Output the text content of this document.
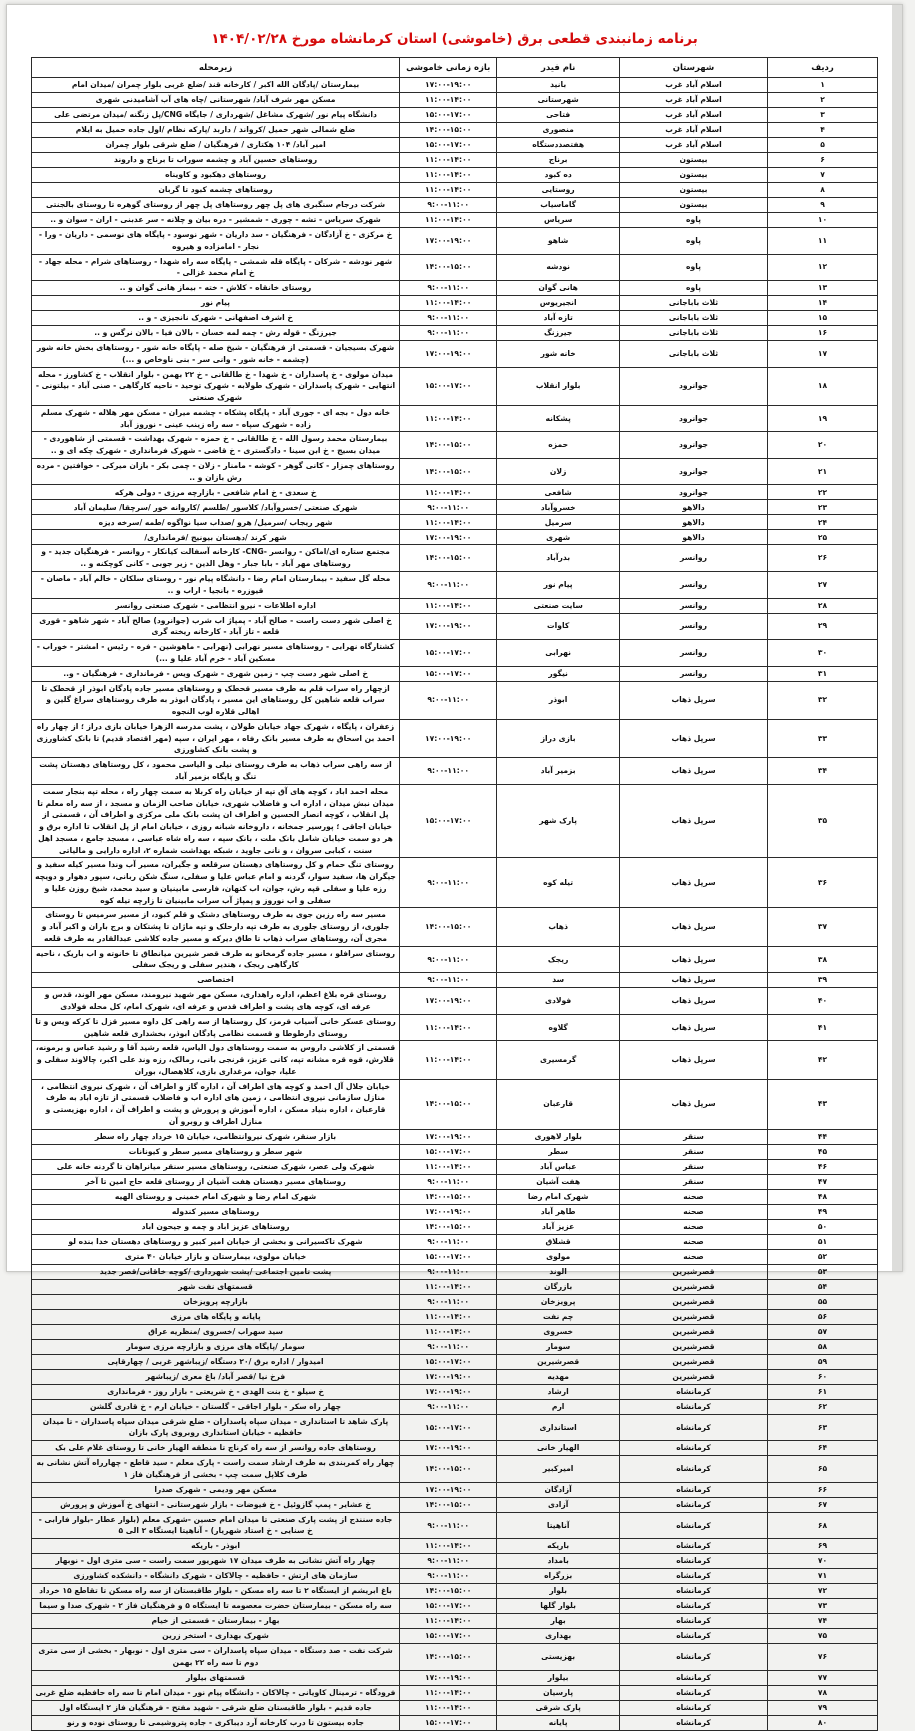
برنامه زمانبندی قطعی برق (خاموشی) استان کرمانشاه مورخ ۱۴۰۴/۰۲/۲۸
ردیف	شهرستان	نام فیدر	بازه زمانی خاموشی	زیرمحله
۱	اسلام آباد غرب	بانید	۱۷:۰۰-۱۹:۰۰	بیمارستان /پادگان الله اکبر / کارخانه قند /ضلع غربی بلوار چمران /میدان امام
۲	اسلام آباد غرب	شهرستانی	۱۱:۰۰-۱۴:۰۰	مسکن مهر شرف آباد/ شهرستانی /چاه های آب آشامیدنی شهری
۳	اسلام آباد غرب	فتاحی	۱۵:۰۰-۱۷:۰۰	دانشگاه پیام نور /شهرک مشاغل /شهرداری / جایگاه CNG/پل زنگنه /میدان مرتضی علی
۴	اسلام آباد غرب	منصوری	۱۴:۰۰-۱۵:۰۰	ضلع شمالی شهر حمیل /کرواند / داربد /پارکه نظام /اول جاده حمیل به ایلام
۵	اسلام آباد غرب	هفتصددستگاه	۱۵:۰۰-۱۷:۰۰	امیر آباد/ ۱۰۴ هکتاری / فرهنگیان / ضلع شرقی بلوار چمران
۶	بیستون	برناج	۱۱:۰۰-۱۴:۰۰	روستاهای حسین آباد و چشمه سوراب تا برناج و داروند
۷	بیستون	ده کبود	۱۱:۰۰-۱۴:۰۰	روستاهای دهکبود و کاویناه
۸	بیستون	روستایی	۱۱:۰۰-۱۴:۰۰	روستاهای چشمه کبود تا گربان
۹	بیستون	گاماسیاب	۹:۰۰-۱۱:۰۰	شرکت درجام سنگبری های پل چهر روستاهای پل چهر از روستای گوهره تا روستای بالجنتی
۱۰	پاوه	سریاس	۱۱:۰۰-۱۴:۰۰	شهرک سریاس - تشه - چوری - شمشیر - دره بیان و چلانه - سر عدبنی - اران - سوان و ..
۱۱	پاوه	شاهو	۱۷:۰۰-۱۹:۰۰	خ مرکزی - خ آزادگان - فرهنگیان - سد داریان - شهر نوسود - پایگاه های نوسمی - داریان - ورا - نجار - امامزاده و هیروه
۱۲	پاوه	نودشه	۱۴:۰۰-۱۵:۰۰	شهر نودشه - شرکان - پایگاه قله شمشی - پایگاه سه راه شهدا - روستاهای شرام - محله جهاد - خ امام محمد غزالی -
۱۳	پاوه	هانی گوان	۹:۰۰-۱۱:۰۰	روستای خانقاه - کلاش - خته - بیماز هانی گوان و ..
۱۴	ثلاث باباجانی	انجیریوس	۱۱:۰۰-۱۴:۰۰	پیام نور
۱۵	ثلاث باباجانی	تازه آباد	۹:۰۰-۱۱:۰۰	خ اشرف اصفهانی - شهرک نانجیزی - و ..
۱۶	ثلاث باباجانی	جیرزنگ	۹:۰۰-۱۱:۰۰	جیرزنگ - قوله رش - چمه لمه خسان - بالان فیا - بالان نرگس و ..
۱۷	ثلاث باباجانی	خانه شور	۱۷:۰۰-۱۹:۰۰	شهرک بسیجیان - قسمتی از فرهنگیان - شیخ صله - پایگاه خانه شور - روستاهای بخش خانه شور (چشمه - خانه شور - وانی سر - بنی ناوخاص و ...)
۱۸	جوانرود	بلوار انقلاب	۱۵:۰۰-۱۷:۰۰	میدان مولوی - خ پاسداران - خ شهدا - خ طالقانی - خ ۲۲ بهمن - بلوار انقلاب - خ کشاورز - محله انتهایی - شهرک پاسداران - شهرک طولابه - شهرک توحید - ناحیه کارگاهی - صنی آباد - بیلتونی - شهرک صنعتی
۱۹	جوانرود	پشکانه	۱۱:۰۰-۱۴:۰۰	خانه دول - بجه ای - جوری آباد - پایگاه پشکاه - چشمه میران - مسکن مهر هلاله - شهرک مسلم زاده - شهرک سپاه - سه راه زینب عینی - نوروز آباد
۲۰	جوانرود	حمزه	۱۴:۰۰-۱۵:۰۰	بیمارستان محمد رسول الله - خ طالقانی - خ حمزه - شهرک بهداشت - قسمتی از شاهوردی - میدان بسیج - خ ابن سینا - دادگستری - خ قاضی - شهرک فرمانداری - شهرک چکه ای و ..
۲۱	جوانرود	زلان	۱۴:۰۰-۱۵:۰۰	روستاهای چمزار - کانی گوهر - کوشه - مامنار - زلان - چمی بکر - بازان میرکی - خوافتین - مرده رش بازان و ..
۲۲	جوانرود	شافعی	۱۱:۰۰-۱۴:۰۰	خ سعدی - خ امام شافعی - بازارچه مرزی - دولی هرکه
۲۳	دالاهو	خسروآباد	۹:۰۰-۱۱:۰۰	شهرک صنعتی /خسروآباد/ کلاسور /طلسم /کاروانه خور /سرچقا/ سلیمان آباد
۲۴	دالاهو	سرمیل	۱۱:۰۰-۱۴:۰۰	شهر ریجاب /سرمیل/ هرو /صداب سیا نواگوه /طمه /سرخه دیزه
۲۵	دالاهو	شهری	۱۷:۰۰-۱۹:۰۰	شهر کرند /دهستان بیونیج /فرمانداری/
۲۶	روانسر	بدرآباد	۱۴:۰۰-۱۵:۰۰	مجتمع ستاره ای/اماکن - روانسر -CNG- کارخانه آسفالت کیانکار - روانسر - فرهنگیان جدید - و روستاهای مهر آباد - بابا جبار - وهل الدین - زیر جوبی - کانی کوچکنه و ..
۲۷	روانسر	پیام نور	۹:۰۰-۱۱:۰۰	محله گل سفید - بیمارستان امام رضا - دانشگاه پیام نور - روستای سلکان - خالم آباد - ماصان - قیوزره - بانجیا - اراب و ..
۲۸	روانسر	سایت صنعتی	۱۱:۰۰-۱۴:۰۰	اداره اطلاعات - نیرو انتظامی - شهرک صنعتی روانسر
۲۹	روانسر	کاوات	۱۷:۰۰-۱۹:۰۰	خ اصلی شهر دست راست - صالح آباد - پمپاژ اب شرب (جوانرود) صالح آباد - شهر شاهو - قوری قلعه - تاز آباد - کارخانه ریخته گری
۳۰	روانسر	نهرابی	۱۵:۰۰-۱۷:۰۰	کشتارگاه نهرابی - روستاهای مسیر نهرابی (نهرابی - ماهوشین - فره - رئیس - امشتر - خوراب - مسکین آباد - خرم آباد علیا و ...)
۳۱	روانسر	نیگور	۱۵:۰۰-۱۷:۰۰	خ اصلی شهر دست چپ - زمین شهری - شهرک ویس - فرمانداری - فرهنگیان - و..
۳۲	سرپل ذهاب	ابوذر	۹:۰۰-۱۱:۰۰	ازچهار راه سراب قلم به طرف مسیر قحطک و روستاهای مسیر جاده پادگان ابوذر از قحطک تا سراب قلعه شاهین کل روستاهای این مسیر ، پادگان ابوذر به طرف روستاهای سراغ گلین و اهالی قلاره لوب النجوه
۳۳	سرپل ذهاب	بازی دراز	۱۷:۰۰-۱۹:۰۰	زعفران ، پایگاه ، شهرک جهاد خیابان طولان ، پشت مدرسه الزهرا خیابان بازی دراز ؛ از چهار راه احمد بن اسحاق به طرف مسیر بانک رفاه ، مهر ایران ، سپه (مهر اقتصاد قدیم) تا بانک کشاورزی و پشت بانک کشاورزی
۳۴	سرپل ذهاب	بزمیر آباد	۹:۰۰-۱۱:۰۰	از سه راهی سراب ذهاب به طرف روستای نیلی و الیاسی محمود ، کل روستاهای دهستان پشت تنگ و پایگاه بزمیر آباد
۳۵	سرپل ذهاب	پارک شهر	۱۵:۰۰-۱۷:۰۰	محله احمد اباد ، کوچه های آق تپه از خیابان راه کربلا به سمت چهار راه ، محله تپه بنجار سمت میدان نبش میدان ، اداره اب و فاضلاب شهری، خیابان صاحب الزمان و مسجد ، از سه راه معلم تا پل انقلاب ، کوچه انصار الحسین و اطراف ان پشت بانک ملی مرکزی و اطراف آن ، قسمتی از خیابان اجاقی ؛ پورسیر جمخانه ، داروخانه شبانه روزی ، خیابان امام از پل انقلاب تا اداره برق و هر دو سمت خیابان شامل بانک ملت ، بانک سپه ، سه راه شاه عباسی ، مسجد جامع ، مسجد اهل سنت ، کبابی سروان ، و نانی جاوید ، شبکه بهداشت شماره ۲، اداره دارایی و مالیاتی
۳۶	سرپل ذهاب	تیله کوه	۹:۰۰-۱۱:۰۰	روستای تنگ حمام و کل روستاهای دهستان سرقلعه و جگیران، مسیر آب وندا مسیر کیله سفید و جیگران ها، سفید سوار، گردنه و امام عباس علیا و سفلی، سنگ شکن ربانی، سپور دهوار و دویچه رزه علیا و سفلی قپه رش، جوان، اب کنهان، فارسی مابینیان و سید محمد، شیخ روزن علیا و سفلی و اب نوروز و پمپاژ آب سراب مابینیان تا زارچه تیله کوه
۳۷	سرپل ذهاب	ذهاب	۱۴:۰۰-۱۵:۰۰	مسیر سه راه رزین جوی به طرف روستاهای دشتک و قلم کبود، از مسیر سرمیس تا روستای جلوری، از روستای جلوری به طرف تپه دارحلک و تپه ماژان تا پشتکان و برج باران و اکبر آباد و مجری آن، روستاهای سراب ذهاب تا طاق دیرکه و مسیر جاده کلاشی عبدالقادر به طرف قلعه
۳۸	سرپل ذهاب	ریجک	۹:۰۰-۱۱:۰۰	روستای سرافلو ، مسیر جاده گرمخانو به طرف قصر شیرین میانطاق تا خانوته و اب باریک ، ناحیه کارگاهی ریجک ، هندیر سفلی و ریجک سفلی
۳۹	سرپل ذهاب	سد	۹:۰۰-۱۱:۰۰	اختصاصی
۴۰	سرپل ذهاب	فولادی	۱۷:۰۰-۱۹:۰۰	روستای قره بلاغ اعظم، اداره راهداری، مسکن مهر شهید نیرومند، مسکن مهر الوند، قدس و عرفه ای، کوچه های پشت و اطراف قدس و عرفه ای، شهرک امام، کل محله فولادی
۴۱	سرپل ذهاب	گلاوه	۱۱:۰۰-۱۴:۰۰	روستای عسکر خانی آسیاب قرمز، کل روستاها از سه راهی کل داوه مسیر قزل تا کرکه ویس و تا روستای دارطوطا و قسمت نظامی پادگان ابوذر، بخشداری قلعه شاهین
۴۲	سرپل ذهاب	گرمسیری	۱۱:۰۰-۱۴:۰۰	قسمتی از کلاشی داروس به سمت روستاهای دول الیاس، قلعه رشید آقا و رشید عباس و برمونه، قلارش، قوه قره مشانه تپه، کانی عزیز، قرنجی بانی، رمالک، رزه وند علی اکبر، چالاوند سفلی و علیا، جوان، مرغداری بازی، کلاهصال، بوران
۴۳	سرپل ذهاب	قارعبان	۱۴:۰۰-۱۵:۰۰	خیابان جلال آل احمد و کوچه های اطراف آن ، اداره گاز و اطراف آن ، شهرک نیروی انتظامی ، منازل سازمانی نیروی انتظامی ، زمین های اداره اب و فاضلاب قسمتی از تازه اباد به طرف قارعبان ، اداره بنیاد مسکن ، اداره آموزش و پرورش و پشت و اطراف آن ، اداره بهزیستی و منازل اطراف و روبرو آن
۴۴	سنقر	بلوار لاهوری	۱۷:۰۰-۱۹:۰۰	بازار سنقر، شهرک نیروانتظامی، خیابان ۱۵ خرداد چهار راه سطر
۴۵	سنقر	سطر	۱۵:۰۰-۱۷:۰۰	شهر سطر و روستاهای مسیر سطر و کیونانات
۴۶	سنقر	عباس آباد	۱۱:۰۰-۱۴:۰۰	شهرک ولی عصر، شهرک صنعتی، روستاهای مسیر سنقر میانراهان تا گردنه خانه علی
۴۷	سنقر	هفت آشیان	۹:۰۰-۱۱:۰۰	روستاهای مسیر دهستان هفت آشیان از روستای قلعه حاج امین تا آخر
۴۸	صحنه	شهرک امام رضا	۱۴:۰۰-۱۵:۰۰	شهرک امام رضا و شهرک امام خمینی و روستای الهیه
۴۹	صحنه	طاهر آباد	۱۷:۰۰-۱۹:۰۰	روستاهای مسیر کندوله
۵۰	صحنه	عزیز آباد	۱۴:۰۰-۱۵:۰۰	روستاهای عزیز اباد و چمه و جیحون اباد
۵۱	صحنه	قشلاق	۹:۰۰-۱۱:۰۰	شهرک تاکسیرانی و بخشی از خیابان امیر کبیر و روستاهای دهستان خدا بنده لو
۵۲	صحنه	مولوی	۱۵:۰۰-۱۷:۰۰	خیابان مولوی، بیمارستان و بازار خیابان ۴۰ متری
۵۳	قصرشیرین	الوند	۹:۰۰-۱۱:۰۰	پشت تامین اجتماعی /پشت شهرداری /کوچه خاقانی/قصر جدید
۵۴	قصرشیرین	بازرگان	۱۱:۰۰-۱۴:۰۰	قسمتهای نفت شهر
۵۵	قصرشیرین	پرویزخان	۹:۰۰-۱۱:۰۰	بازارچه پرویزخان
۵۶	قصرشیرین	چم نفت	۱۱:۰۰-۱۴:۰۰	پایانه و پایگاه های مرزی
۵۷	قصرشیرین	خسروی	۱۱:۰۰-۱۴:۰۰	سید سهراب /خسروی /منظریه عراق
۵۸	قصرشیرین	سومار	۹:۰۰-۱۱:۰۰	سومار /پایگاه های مرزی و بازارچه مرزی سومار
۵۹	قصرشیرین	قصرشیرین	۱۵:۰۰-۱۷:۰۰	امیدوار / اداره برق /۲۰ دستگاه /زیباشهر غربی / چهارقاپی
۶۰	قصرشیرین	مهدیه	۱۷:۰۰-۱۹:۰۰	فرخ نیا /قصر آباد/ باغ معری /زیباشهر
۶۱	کرمانشاه	ارشاد	۱۷:۰۰-۱۹:۰۰	خ سیلو - خ بنت الهدی - خ شریعتی - بازار روز - فرمانداری
۶۲	کرمانشاه	ارم	۹:۰۰-۱۱:۰۰	چهار راه سکر - بلوار اجاقی - گلستان - خیابان ارم - خ قادری گلشن
۶۳	کرمانشاه	استانداری	۱۵:۰۰-۱۷:۰۰	پارک شاهد تا استانداری - میدان سپاه پاسداران - ضلع شرقی میدان سپاه پاسداران - تا میدان حافظیه - خیابان استانداری روبروی پارک بازان
۶۴	کرمانشاه	الهیار خانی	۱۷:۰۰-۱۹:۰۰	روستاهای جاده روانسر از سه راه کرناچ تا منطقه الهیار خانی تا روستای غلام علی بک
۶۵	کرمانشاه	امیرکبیر	۱۴:۰۰-۱۵:۰۰	چهار راه کمربندی به طرف ارشاد سمت راست - پارک معلم - سید قاطع - چهارراه آتش نشانی به طرف کلاپل سمت چپ - بخشی از فرهنگیان فاز ۱
۶۶	کرمانشاه	آزادگان	۱۷:۰۰-۱۹:۰۰	مسکن مهر ودیمی - شهرک صدرا
۶۷	کرمانشاه	آزادی	۱۴:۰۰-۱۵:۰۰	خ عشایر - پمپ گازوئیل - خ فیوضات - بازار شهرستانی - انتهای خ آموزش و پرورش
۶۸	کرمانشاه	آناهیتا	۹:۰۰-۱۱:۰۰	جاده سنندج از پشت پارک صنعتی تا میدان امام حسین -شهرک معلم (بلوار عطار -بلوار فارابی - خ سنایی - خ استاد شهریار) - آناهیتا ایستگاه ۲ الی ۵
۶۹	کرمانشاه	باریکه	۱۱:۰۰-۱۴:۰۰	ابوذر - باریکه
۷۰	کرمانشاه	بامداد	۹:۰۰-۱۱:۰۰	چهار راه آتش نشانی به طرف میدان ۱۷ شهریور سمت راست - سی متری اول - نوبهار
۷۱	کرمانشاه	بزرگراه	۹:۰۰-۱۱:۰۰	سازمان های ارتش - حافظیه - چالاکان - شهرک دانشگاه - دانشکده کشاورزی
۷۲	کرمانشاه	بلوار	۱۴:۰۰-۱۵:۰۰	باغ ابریشم از ایستگاه ۲ تا سه راه مسکن - بلوار طاقبستان از سه راه مسکن تا تقاطع ۱۵ خرداد
۷۳	کرمانشاه	بلوار گلها	۱۵:۰۰-۱۷:۰۰	سه راه مسکن - بیمارستان حضرت معصومه تا ایستگاه ۵ و فرهنگیان فاز ۲ - شهرک صدا و سیما
۷۴	کرمانشاه	بهار	۱۱:۰۰-۱۴:۰۰	بهار - بیمارستان - قسمتی از خیام
۷۵	کرمانشاه	بهداری	۱۵:۰۰-۱۷:۰۰	شهرک بهداری - استخر زرین
۷۶	کرمانشاه	بهزیستی	۱۴:۰۰-۱۵:۰۰	شرکت نفت - صد دستگاه - میدان سپاه پاسداران - سی متری اول - نوبهار - بخشی از سی متری دوم تا سه راه ۲۲ بهمن
۷۷	کرمانشاه	بیلوار	۱۷:۰۰-۱۹:۰۰	قسمتهای بیلوار
۷۸	کرمانشاه	پارسیان	۱۱:۰۰-۱۴:۰۰	فرودگاه - ترمینال کاویانی - چالاکان - دانشگاه پیام نور - میدان امام تا سه راه حافظیه ضلع غربی
۷۹	کرمانشاه	پارک شرقی	۱۱:۰۰-۱۴:۰۰	جاده قدیم - بلوار طاقبستان ضلع شرقی - شهید مفتح - فرهنگیان فاز ۲ ایستگاه اول
۸۰	کرمانشاه	پایانه	۱۵:۰۰-۱۷:۰۰	جاده بیستون تا درب کارخانه آرد دیباکری - جاده پتروشیمی تا روستای نوده و رنو
